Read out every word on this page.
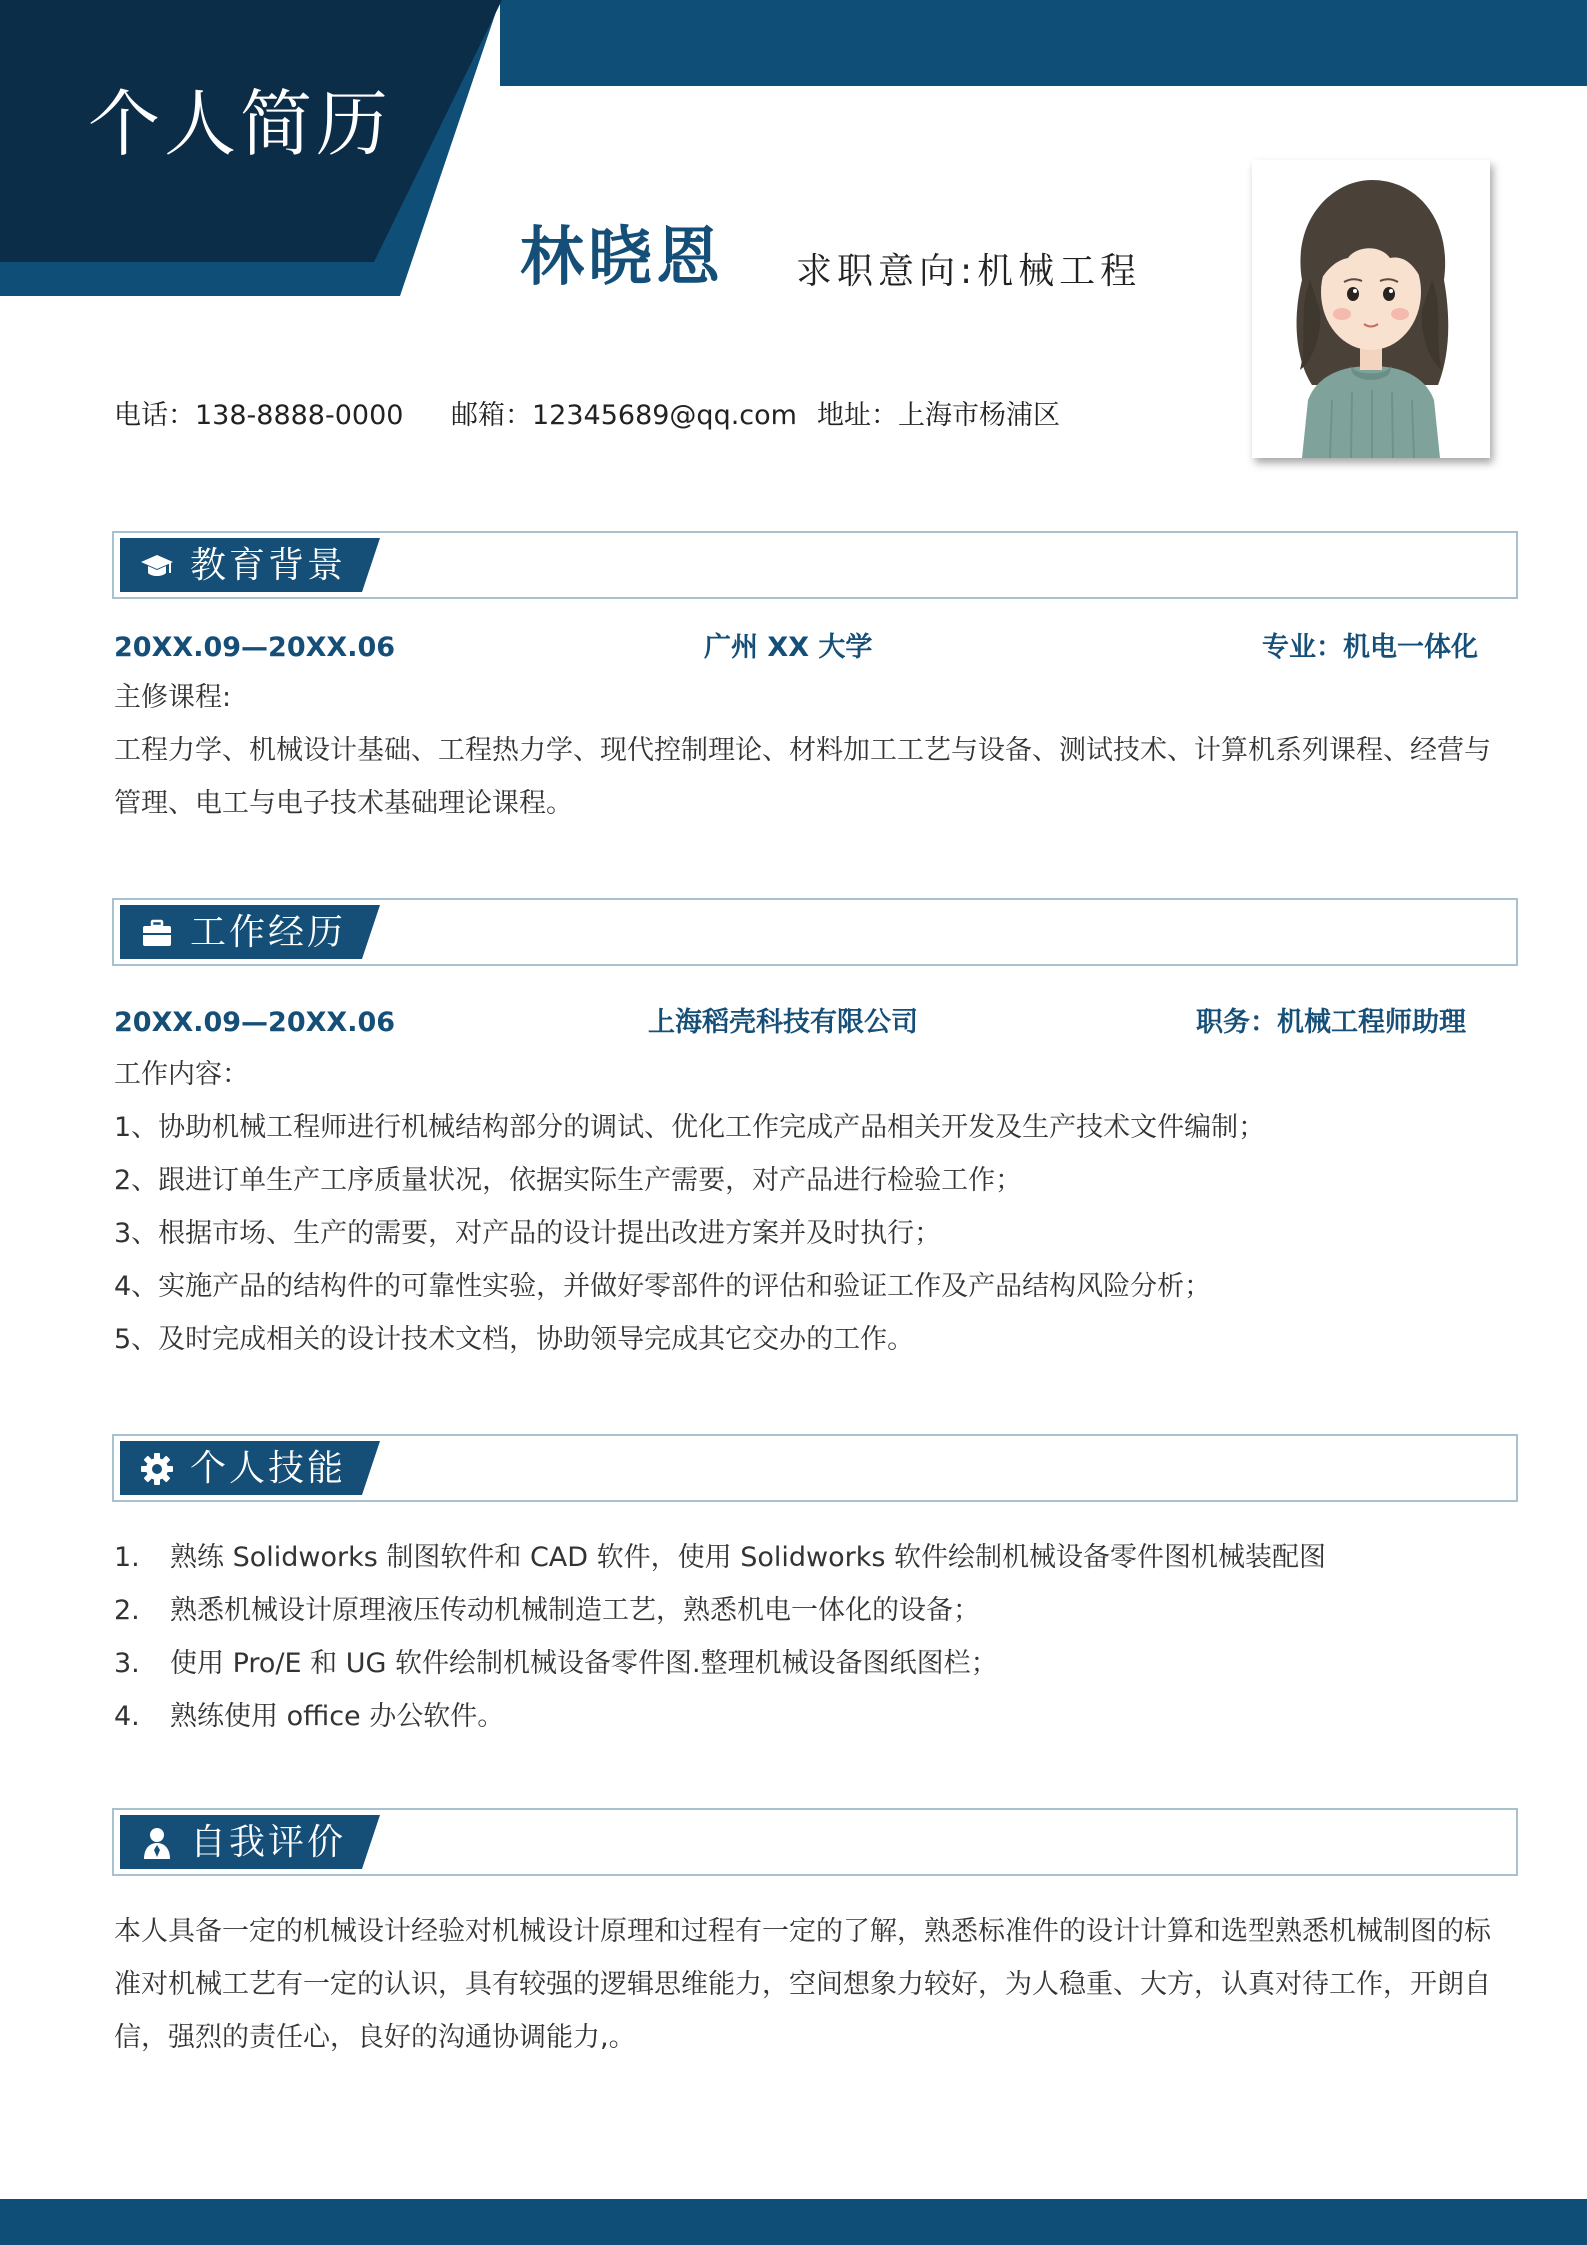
个人简历
林晓恩 求职意向:机械工程
电话：138-8888-0000 邮箱：12345689@qq.com 地址：上海市杨浦区
教育背景
20XX.09—20XX.06	广州 XX 大学	专业：机电一体化

主修课程:

工程力学、机械设计基础、工程热力学、现代控制理论、材料加工工艺与设备、测试技术、计算机系列课程、经营与管理、电工与电子技术基础理论课程。

工作经历
20XX.09—20XX.06	上海稻壳科技有限公司	职务：机械工程师助理

工作内容：

1、协助机械工程师进行机械结构部分的调试、优化工作完成产品相关开发及生产技术文件编制；

2、跟进订单生产工序质量状况，依据实际生产需要，对产品进行检验工作；

3、根据市场、生产的需要，对产品的设计提出改进方案并及时执行；

4、实施产品的结构件的可靠性实验，并做好零部件的评估和验证工作及产品结构风险分析；

5、及时完成相关的设计技术文档，协助领导完成其它交办的工作。

个人技能
1. 熟练 Solidworks 制图软件和 CAD 软件，使用 Solidworks 软件绘制机械设备零件图机械装配图
2. 熟悉机械设计原理液压传动机械制造工艺，熟悉机电一体化的设备；
3. 使用 Pro/E 和 UG 软件绘制机械设备零件图.整理机械设备图纸图栏；
4. 熟练使用 office 办公软件。
自我评价

本人具备一定的机械设计经验对机械设计原理和过程有一定的了解，熟悉标准件的设计计算和选型熟悉机械制图的标准对机械工艺有一定的认识，具有较强的逻辑思维能力，空间想象力较好，为人稳重、大方，认真对待工作，开朗自信，强烈的责任心，良好的沟通协调能力,。
